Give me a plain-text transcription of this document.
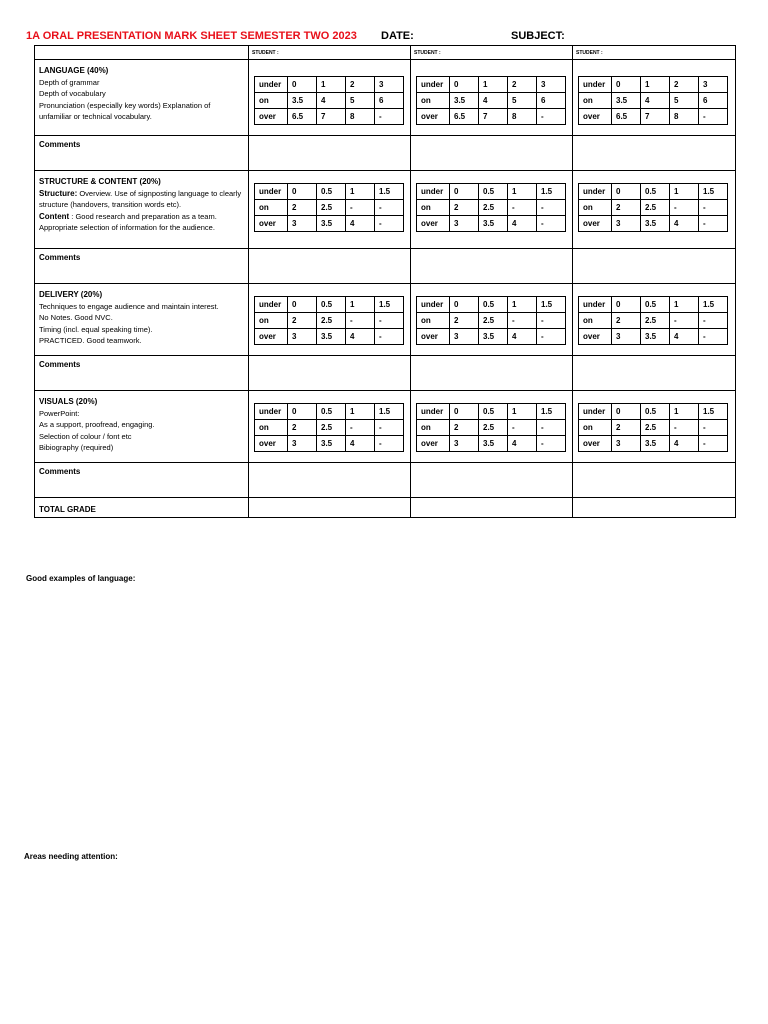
1A ORAL PRESENTATION MARK SHEET SEMESTER TWO 2023 DATE:	SUBJECT:
	STUDENT :	STUDENT :	STUDENT :

LANGUAGE (40%)
Depth of grammar
Depth of vocabulary
Pronunciation (especially key words) Explanation of unfamiliar or technical vocabulary.

under	0	1	2	3
on	3.5	4	5	6
over	6.5	7	8	-

under	0	1	2	3
on	3.5	4	5	6
over	6.5	7	8	-

under	0	1	2	3
on	3.5	4	5	6
over	6.5	7	8	-

Comments			

STRUCTURE & CONTENT (20%)
Structure: Overview. Use of signposting language to clearly structure (handovers, transition words etc).
Content : Good research and preparation as a team. Appropriate selection of information for the audience.

under	0	0.5	1	1.5
on	2	2.5	-	-
over	3	3.5	4	-

under	0	0.5	1	1.5
on	2	2.5	-	-
over	3	3.5	4	-

under	0	0.5	1	1.5
on	2	2.5	-	-
over	3	3.5	4	-

Comments			

DELIVERY (20%)
Techniques to engage audience and maintain interest.
No Notes. Good NVC.
Timing (incl. equal speaking time).
PRACTICED. Good teamwork.

under	0	0.5	1	1.5
on	2	2.5	-	-
over	3	3.5	4	-

under	0	0.5	1	1.5
on	2	2.5	-	-
over	3	3.5	4	-

under	0	0.5	1	1.5
on	2	2.5	-	-
over	3	3.5	4	-

Comments			

VISUALS (20%)
PowerPoint:
As a support, proofread, engaging.
Selection of colour / font etc
Bibiography (required)

under	0	0.5	1	1.5
on	2	2.5	-	-
over	3	3.5	4	-

under	0	0.5	1	1.5
on	2	2.5	-	-
over	3	3.5	4	-

under	0	0.5	1	1.5
on	2	2.5	-	-
over	3	3.5	4	-

Comments			
TOTAL GRADE			
Good examples of language:
Areas needing attention:
